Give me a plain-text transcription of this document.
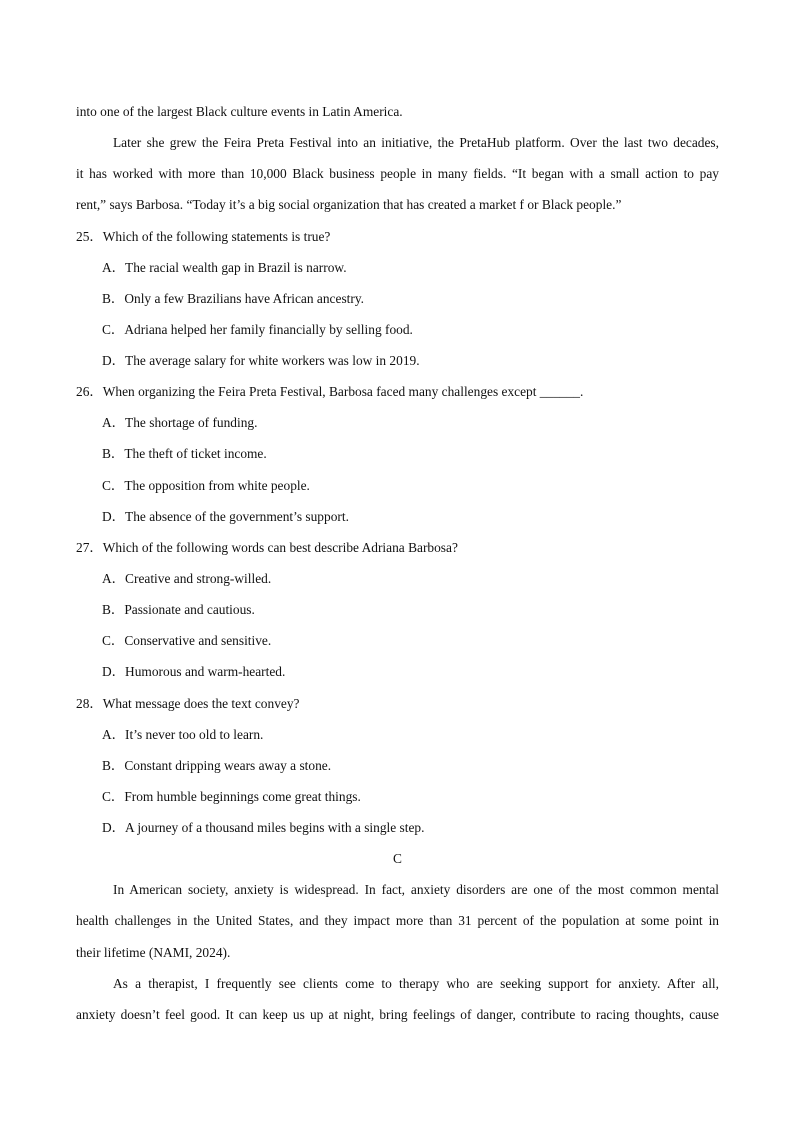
into one of the largest Black culture events in Latin America.
Later she grew the Feira Preta Festival into an initiative, the PretaHub platform. Over the last two decades,
it has worked with more than 10,000 Black business people in many fields. “It began with a small action to pay
rent,” says Barbosa. “Today it’s a big social organization that has created a market f or Black people.”
25．Which of the following statements is true?
A．The racial wealth gap in Brazil is narrow.
B．Only a few Brazilians have African ancestry.
C．Adriana helped her family financially by selling food.
D．The average salary for white workers was low in 2019.
26．When organizing the Feira Preta Festival, Barbosa faced many challenges except ______.
A．The shortage of funding.
B．The theft of ticket income.
C．The opposition from white people.
D．The absence of the government’s support.
27．Which of the following words can best describe Adriana Barbosa?
A．Creative and strong-willed.
B．Passionate and cautious.
C．Conservative and sensitive.
D．Humorous and warm-hearted.
28．What message does the text convey?
A．It’s never too old to learn.
B．Constant dripping wears away a stone.
C．From humble beginnings come great things.
D．A journey of a thousand miles begins with a single step.
C
In American society, anxiety is widespread. In fact, anxiety disorders are one of the most common mental
health challenges in the United States, and they impact more than 31 percent of the population at some point in
their lifetime (NAMI, 2024).
As a therapist, I frequently see clients come to therapy who are seeking support for anxiety. After all,
anxiety doesn’t feel good. It can keep us up at night, bring feelings of danger, contribute to racing thoughts, cause
